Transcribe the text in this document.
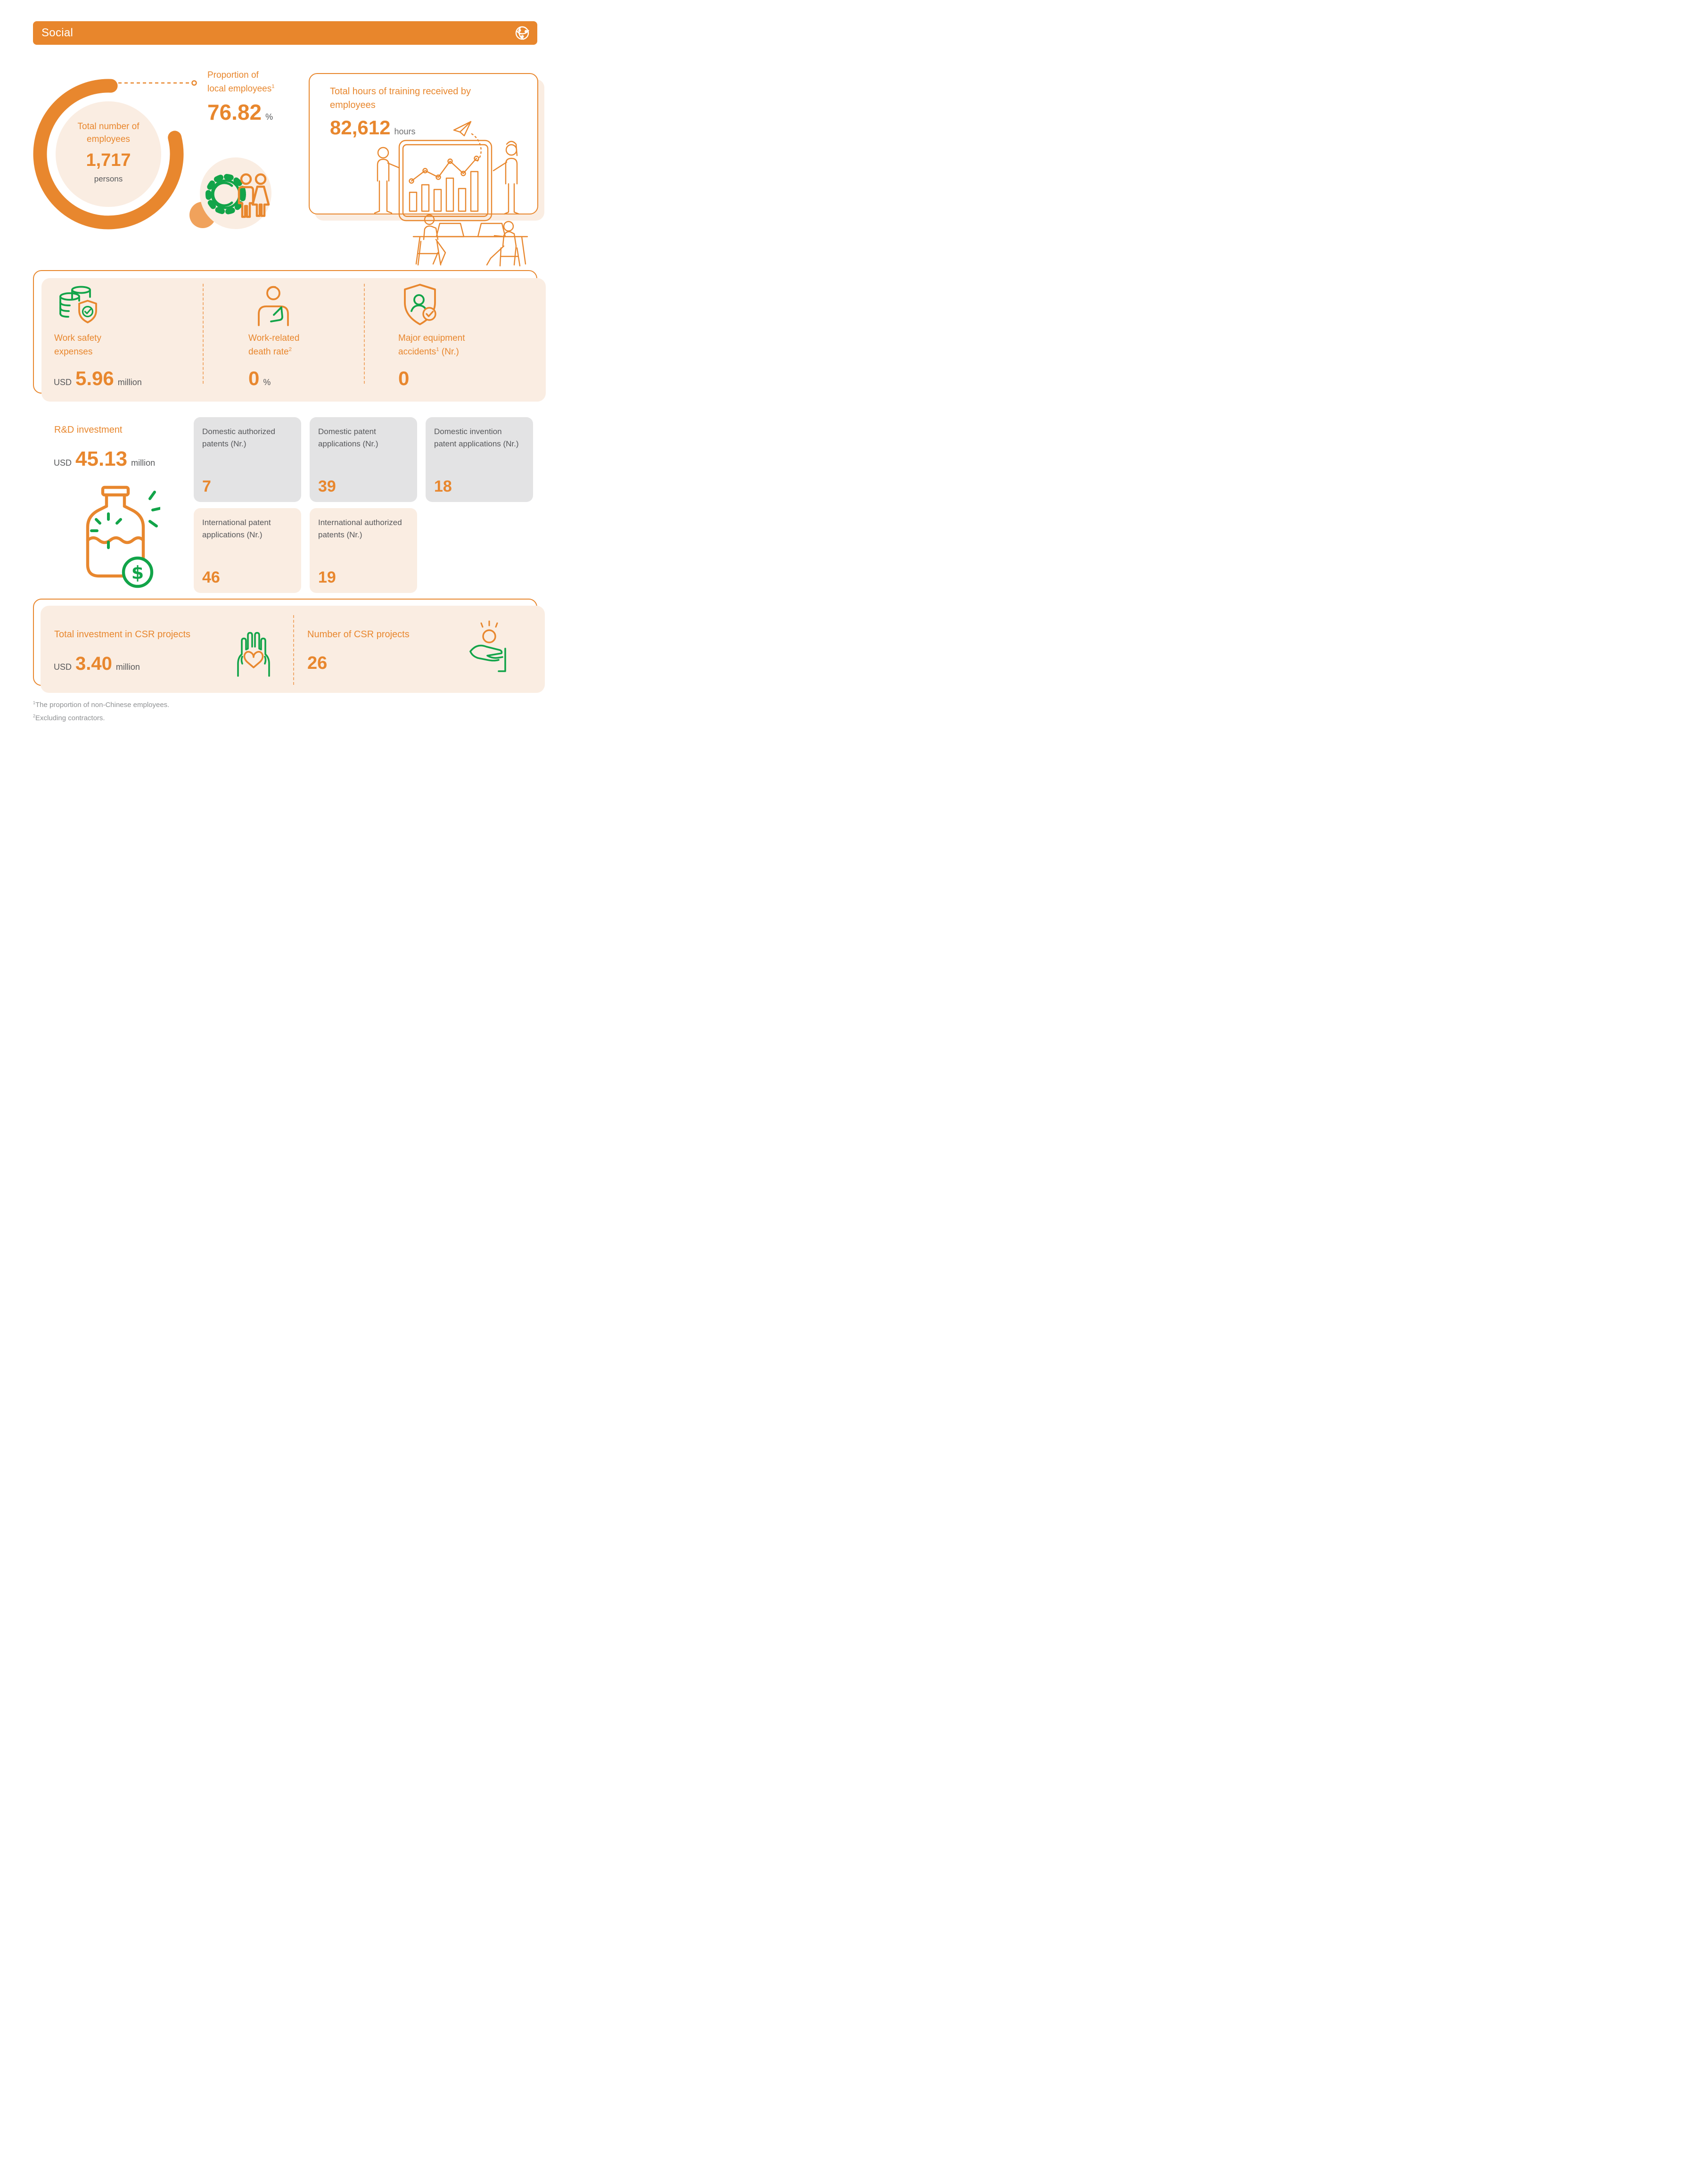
Social
Total number of
employees
1,717
persons
Proportion of
local employees$^1$
76.82 %
Total hours of training received by
employees
82,612 hours
Work safety
expenses
USD 5.96 million
Work-related
death rate$^2$
0 %
Major equipment
accidents$^1$ (Nr.)
0
R&D investment
USD 45.13 million
$
Domestic authorized patents (Nr.)
7
Domestic patent applications (Nr.)
39
Domestic invention patent applications (Nr.)
18
International patent applications (Nr.)
46
International authorized patents (Nr.)
19
Total investment in CSR projects
USD 3.40 million
Number of CSR projects
26
$^1$The proportion of non-Chinese employees.
$^2$Excluding contractors.
